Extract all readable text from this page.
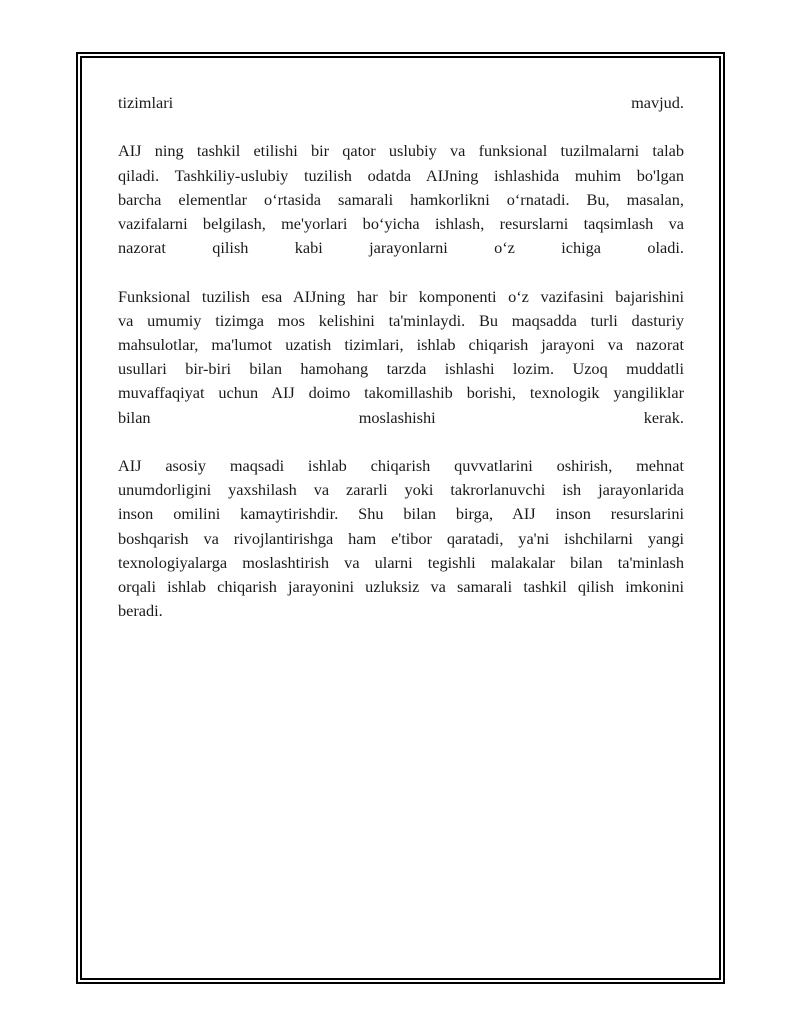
tizimlari	mavjud.

AIJ ning tashkil etilishi bir qator uslubiy va funksional tuzilmalarni talab
qiladi. Tashkiliy-uslubiy tuzilish odatda AIJning ishlashida muhim bo'lgan
barcha elementlar o‘rtasida samarali hamkorlikni o‘rnatadi. Bu, masalan,
vazifalarni belgilash, me'yorlari bo‘yicha ishlash, resurslarni taqsimlash va
nazorat qilish kabi jarayonlarni o‘z ichiga oladi.

Funksional tuzilish esa AIJning har bir komponenti o‘z vazifasini bajarishini
va umumiy tizimga mos kelishini ta'minlaydi. Bu maqsadda turli dasturiy
mahsulotlar, ma'lumot uzatish tizimlari, ishlab chiqarish jarayoni va nazorat
usullari bir-biri bilan hamohang tarzda ishlashi lozim. Uzoq muddatli
muvaffaqiyat uchun AIJ doimo takomillashib borishi, texnologik yangiliklar
bilan moslashishi kerak.

AIJ asosiy maqsadi ishlab chiqarish quvvatlarini oshirish, mehnat
unumdorligini yaxshilash va zararli yoki takrorlanuvchi ish jarayonlarida
inson omilini kamaytirishdir. Shu bilan birga, AIJ inson resurslarini
boshqarish va rivojlantirishga ham e'tibor qaratadi, ya'ni ishchilarni yangi
texnologiyalarga moslashtirish va ularni tegishli malakalar bilan ta'minlash
orqali ishlab chiqarish jarayonini uzluksiz va samarali tashkil qilish imkonini
beradi.
